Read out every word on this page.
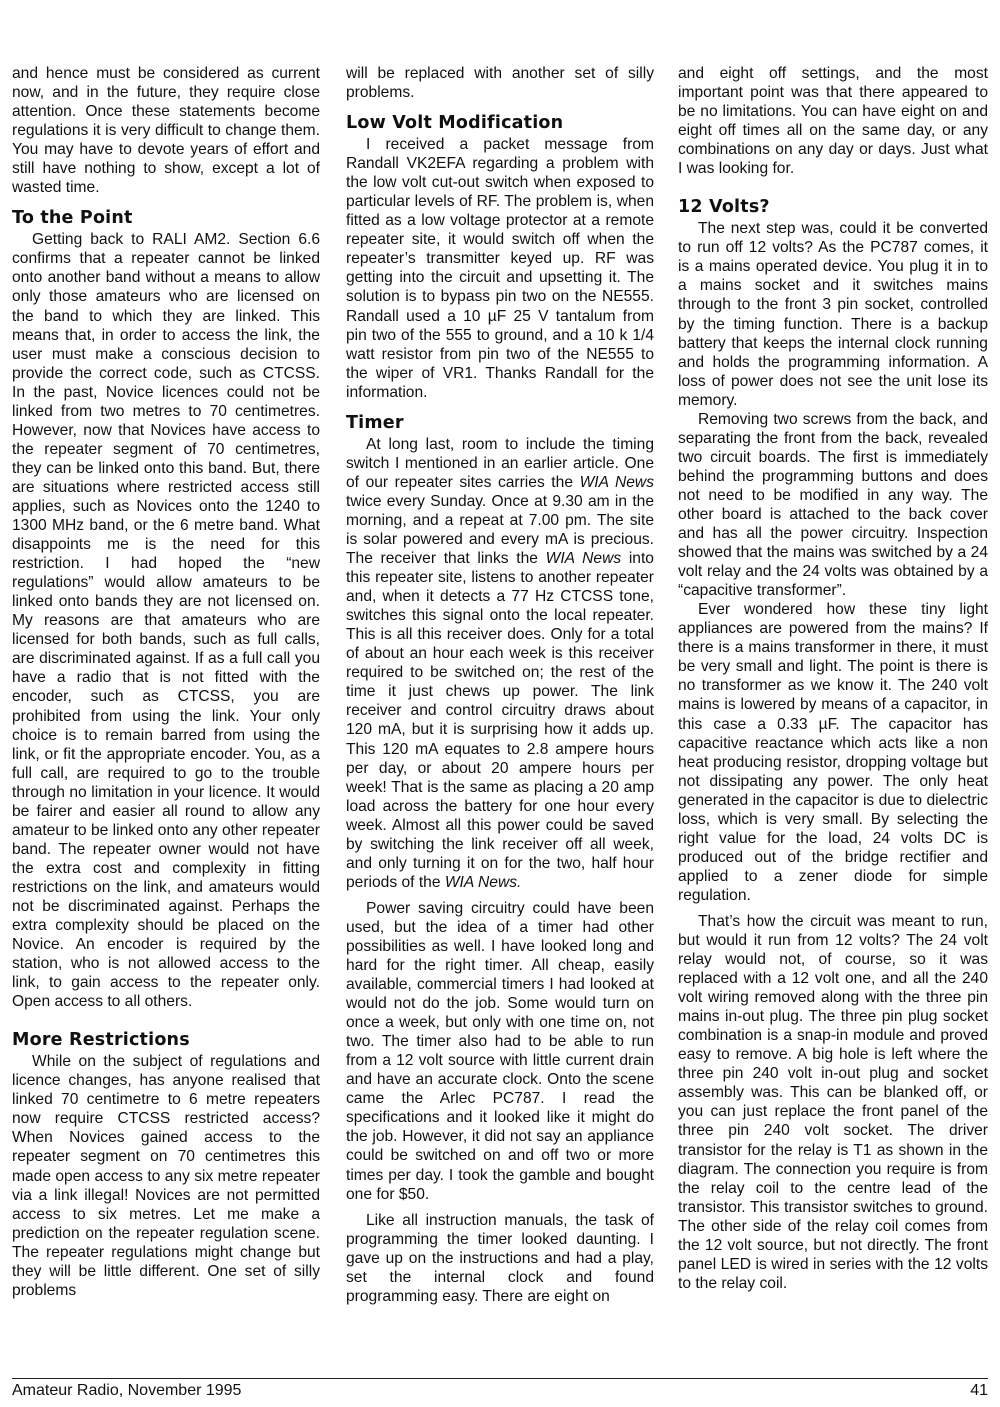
and hence must be considered as current now, and in the future, they require close attention. Once these statements become regulations it is very difficult to change them. You may have to devote years of effort and still have nothing to show, except a lot of wasted time.

To the Point

Getting back to RALI AM2. Section 6.6 confirms that a repeater cannot be linked onto another band without a means to allow only those amateurs who are licensed on the band to which they are linked. This means that, in order to access the link, the user must make a conscious decision to provide the correct code, such as CTCSS. In the past, Novice licences could not be linked from two metres to 70 centimetres. However, now that Novices have access to the repeater segment of 70 centimetres, they can be linked onto this band. But, there are situations where restricted access still applies, such as Novices onto the 1240 to 1300 MHz band, or the 6 metre band. What disappoints me is the need for this restriction. I had hoped the “new regulations” would allow amateurs to be linked onto bands they are not licensed on. My reasons are that amateurs who are licensed for both bands, such as full calls, are discriminated against. If as a full call you have a radio that is not fitted with the encoder, such as CTCSS, you are prohibited from using the link. Your only choice is to remain barred from using the link, or fit the appropriate encoder. You, as a full call, are required to go to the trouble through no limitation in your licence. It would be fairer and easier all round to allow any amateur to be linked onto any other repeater band. The repeater owner would not have the extra cost and complexity in fitting restrictions on the link, and amateurs would not be discriminated against. Perhaps the extra complexity should be placed on the Novice. An encoder is required by the station, who is not allowed access to the link, to gain access to the repeater only. Open access to all others.

More Restrictions

While on the subject of regulations and licence changes, has anyone realised that linked 70 centimetre to 6 metre repeaters now require CTCSS restricted access? When Novices gained access to the repeater segment on 70 centimetres this made open access to any six metre repeater via a link illegal! Novices are not permitted access to six metres. Let me make a prediction on the repeater regulation scene. The repeater regulations might change but they will be little different. One set of silly problems

will be replaced with another set of silly problems.

Low Volt Modification

I received a packet message from Randall VK2EFA regarding a problem with the low volt cut-out switch when exposed to particular levels of RF. The problem is, when fitted as a low voltage protector at a remote repeater site, it would switch off when the repeater’s transmitter keyed up. RF was getting into the circuit and upsetting it. The solution is to bypass pin two on the NE555. Randall used a 10 µF 25 V tantalum from pin two of the 555 to ground, and a 10 k 1/4 watt resistor from pin two of the NE555 to the wiper of VR1. Thanks Randall for the information.

Timer

At long last, room to include the timing switch I mentioned in an earlier article. One of our repeater sites carries the WIA News twice every Sunday. Once at 9.30 am in the morning, and a repeat at 7.00 pm. The site is solar powered and every mA is precious. The receiver that links the WIA News into this repeater site, listens to another repeater and, when it detects a 77 Hz CTCSS tone, switches this signal onto the local repeater. This is all this receiver does. Only for a total of about an hour each week is this receiver required to be switched on; the rest of the time it just chews up power. The link receiver and control circuitry draws about 120 mA, but it is surprising how it adds up. This 120 mA equates to 2.8 ampere hours per day, or about 20 ampere hours per week! That is the same as placing a 20 amp load across the battery for one hour every week. Almost all this power could be saved by switching the link receiver off all week, and only turning it on for the two, half hour periods of the WIA News.

Power saving circuitry could have been used, but the idea of a timer had other possibilities as well. I have looked long and hard for the right timer. All cheap, easily available, commercial timers I had looked at would not do the job. Some would turn on once a week, but only with one time on, not two. The timer also had to be able to run from a 12 volt source with little current drain and have an accurate clock. Onto the scene came the Arlec PC787. I read the specifications and it looked like it might do the job. However, it did not say an appliance could be switched on and off two or more times per day. I took the gamble and bought one for $50.

Like all instruction manuals, the task of programming the timer looked daunting. I gave up on the instructions and had a play, set the internal clock and found programming easy. There are eight on

and eight off settings, and the most important point was that there appeared to be no limitations. You can have eight on and eight off times all on the same day, or any combinations on any day or days. Just what I was looking for.

12 Volts?

The next step was, could it be converted to run off 12 volts? As the PC787 comes, it is a mains operated device. You plug it in to a mains socket and it switches mains through to the front 3 pin socket, controlled by the timing function. There is a backup battery that keeps the internal clock running and holds the programming information. A loss of power does not see the unit lose its memory.

Removing two screws from the back, and separating the front from the back, revealed two circuit boards. The first is immediately behind the programming buttons and does not need to be modified in any way. The other board is attached to the back cover and has all the power circuitry. Inspection showed that the mains was switched by a 24 volt relay and the 24 volts was obtained by a “capacitive transformer”.

Ever wondered how these tiny light appliances are powered from the mains? If there is a mains transformer in there, it must be very small and light. The point is there is no transformer as we know it. The 240 volt mains is lowered by means of a capacitor, in this case a 0.33 µF. The capacitor has capacitive reactance which acts like a non heat producing resistor, dropping voltage but not dissipating any power. The only heat generated in the capacitor is due to dielectric loss, which is very small. By selecting the right value for the load, 24 volts DC is produced out of the bridge rectifier and applied to a zener diode for simple regulation.

That’s how the circuit was meant to run, but would it run from 12 volts? The 24 volt relay would not, of course, so it was replaced with a 12 volt one, and all the 240 volt wiring removed along with the three pin mains in-out plug. The three pin plug socket combination is a snap-in module and proved easy to remove. A big hole is left where the three pin 240 volt in-out plug and socket assembly was. This can be blanked off, or you can just replace the front panel of the three pin 240 volt socket. The driver transistor for the relay is T1 as shown in the diagram. The connection you require is from the relay coil to the centre lead of the transistor. This transistor switches to ground. The other side of the relay coil comes from the 12 volt source, but not directly. The front panel LED is wired in series with the 12 volts to the relay coil.

Amateur Radio, November 1995	41
